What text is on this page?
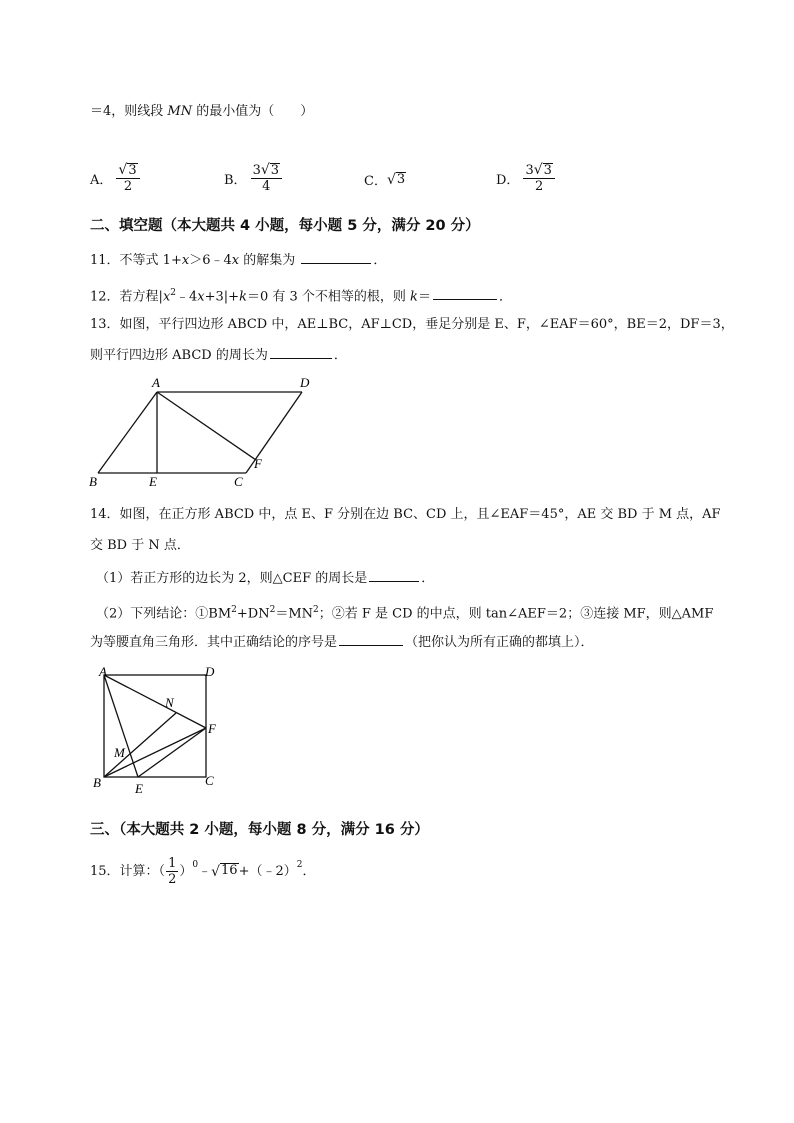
＝4，则线段 MN 的最小值为（　　）
A． $\frac{√ 3}{2}$	B． $\frac{3 √ 3}{4}$	C． √ 3	D． $\frac{3 √ 3}{2}$
二、填空题（本大题共 4 小题，每小题 5 分，满分 20 分）
11．不等式 1+x＞6﹣4x 的解集为	．
12．若方程$|x^2﹣4x+3|+k=0$ 有 3 个不相等的根，则 k＝	．
13．如图，平行四边形 ABCD 中，AE⊥BC，AF⊥CD，垂足分别是 E、F，∠EAF＝60°，BE＝2，DF＝3，
则平行四边形 ABCD 的周长为	．
A	D
B	E	C
F
14．如图，在正方形 ABCD 中，点 E、F 分别在边 BC、CD 上，且∠EAF＝45°，AE 交 BD 于 M 点，AF
交 BD 于 N 点．
（1）若正方形的边长为 2，则△CEF 的周长是	．
（2）下列结论：$①BM^2+DN^2=MN^2$；②若 F 是 CD 的中点，则 tan∠AEF＝2；③连接 MF，则△AMF
为等腰直角三角形．其中正确结论的序号是	（把你认为所有正确的都填上）．
A	D
B	E
C
F
N
M
三、（本大题共 2 小题，每小题 8 分，满分 16 分）
15． 计算：（ $\frac{1}{2} )^0$ ﹣ √ 16 +（﹣2）$^2$ ．
